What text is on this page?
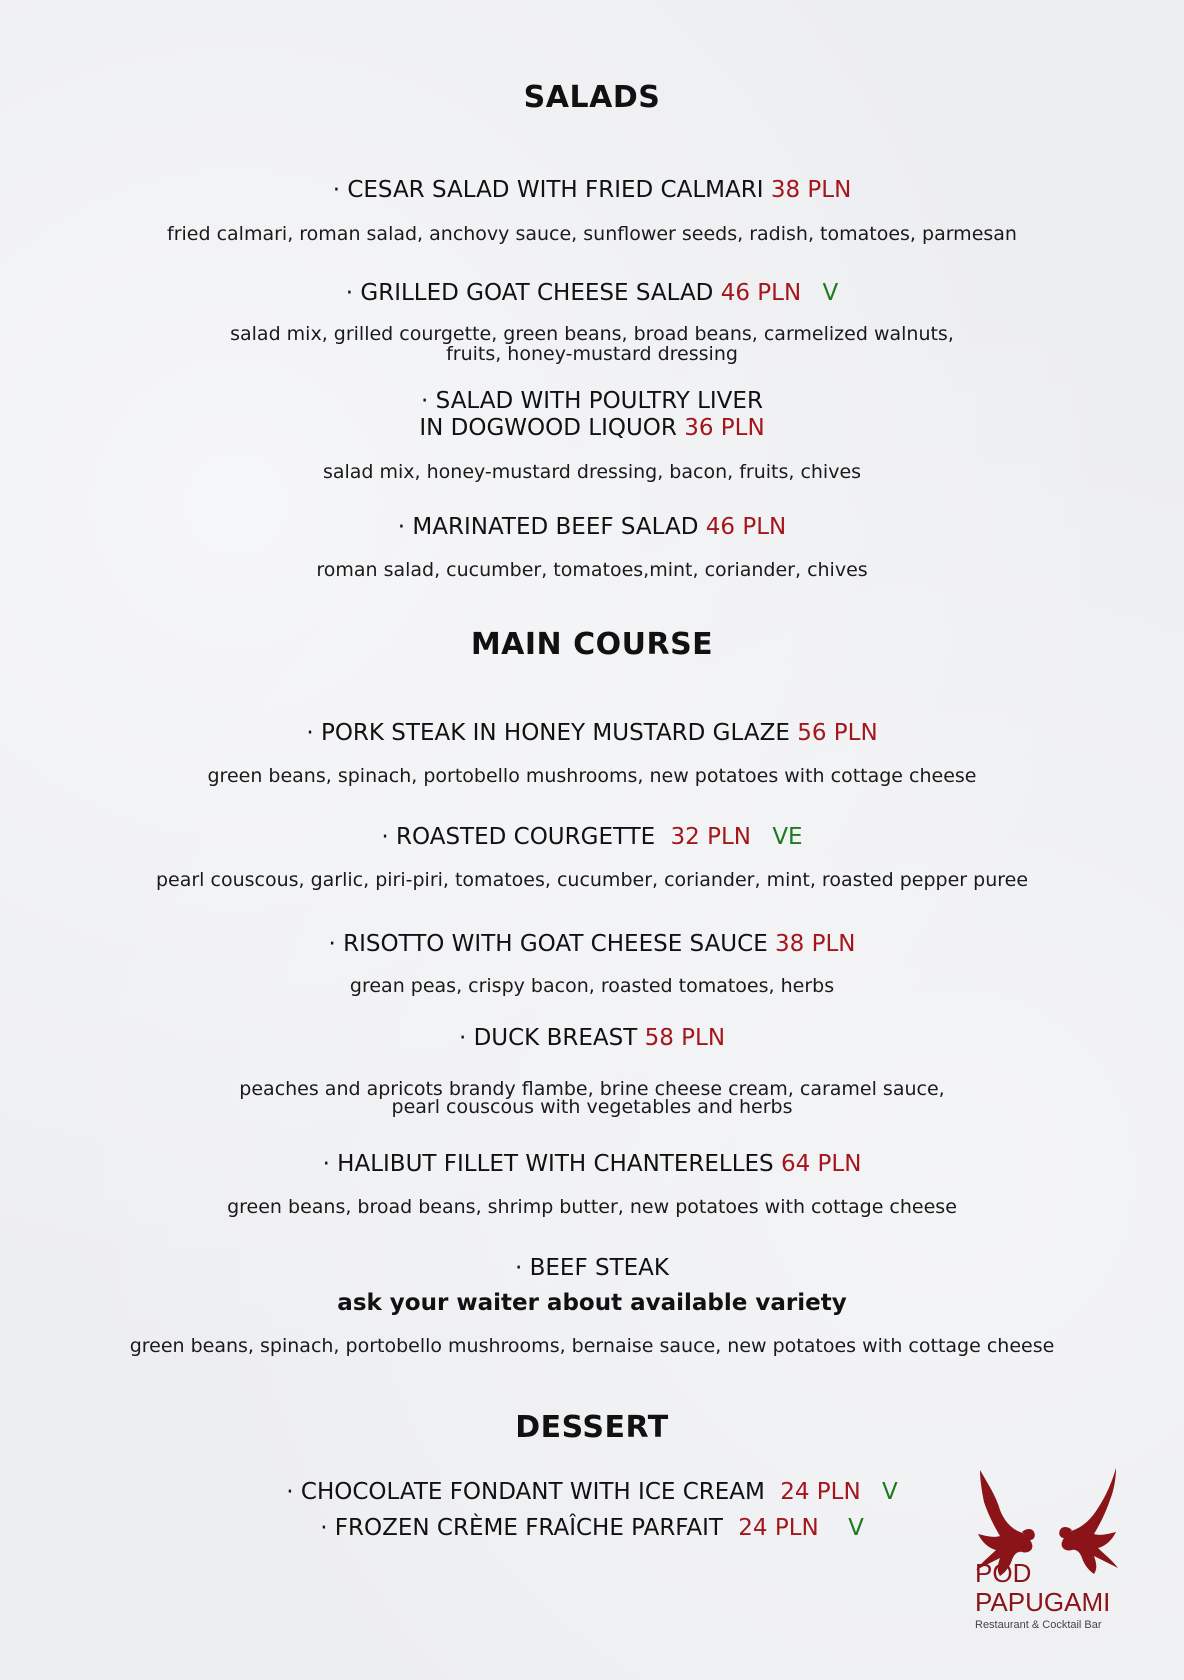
SALADS
· CESAR SALAD WITH FRIED CALMARI 38 PLN
fried calmari, roman salad, anchovy sauce, sunflower seeds, radish, tomatoes, parmesan
· GRILLED GOAT CHEESE SALAD 46 PLN V
salad mix, grilled courgette, green beans, broad beans, carmelized walnuts,
fruits, honey-mustard dressing
· SALAD WITH POULTRY LIVER
IN DOGWOOD LIQUOR 36 PLN
salad mix, honey-mustard dressing, bacon, fruits, chives
· MARINATED BEEF SALAD 46 PLN
roman salad, cucumber, tomatoes,mint, coriander, chives
MAIN COURSE
· PORK STEAK IN HONEY MUSTARD GLAZE 56 PLN
green beans, spinach, portobello mushrooms, new potatoes with cottage cheese
· ROASTED COURGETTE 32 PLN VE
pearl couscous, garlic, piri-piri, tomatoes, cucumber, coriander, mint, roasted pepper puree
· RISOTTO WITH GOAT CHEESE SAUCE 38 PLN
grean peas, crispy bacon, roasted tomatoes, herbs
· DUCK BREAST 58 PLN
peaches and apricots brandy flambe, brine cheese cream, caramel sauce,
pearl couscous with vegetables and herbs
· HALIBUT FILLET WITH CHANTERELLES 64 PLN
green beans, broad beans, shrimp butter, new potatoes with cottage cheese
· BEEF STEAK
ask your waiter about available variety
green beans, spinach, portobello mushrooms, bernaise sauce, new potatoes with cottage cheese
DESSERT
· CHOCOLATE FONDANT WITH ICE CREAM 24 PLN V
· FROZEN CRÈME FRAÎCHE PARFAIT 24 PLN V
POD
PAPUGAMI
Restaurant & Cocktail Bar
